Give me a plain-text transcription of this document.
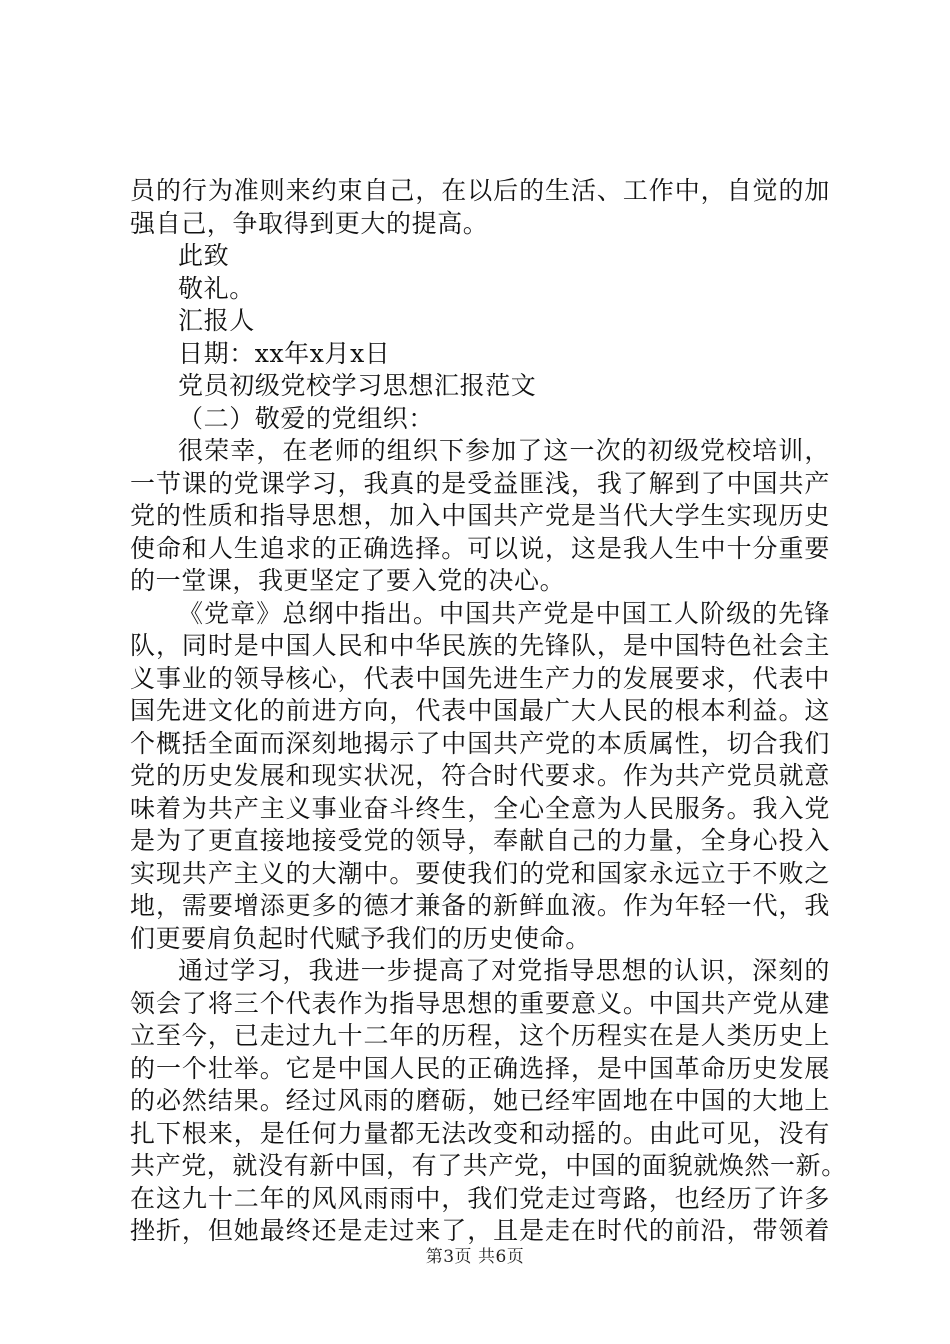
员的行为准则来约束自己，在以后的生活、工作中，自觉的加
强自己，争取得到更大的提高。
此致
敬礼。
汇报人
日期：xx年x月x日
党员初级党校学习思想汇报范文
（二）敬爱的党组织：
很荣幸，在老师的组织下参加了这一次的初级党校培训，
一节课的党课学习，我真的是受益匪浅，我了解到了中国共产
党的性质和指导思想，加入中国共产党是当代大学生实现历史
使命和人生追求的正确选择。可以说，这是我人生中十分重要
的一堂课，我更坚定了要入党的决心。
《党章》总纲中指出。中国共产党是中国工人阶级的先锋
队，同时是中国人民和中华民族的先锋队，是中国特色社会主
义事业的领导核心，代表中国先进生产力的发展要求，代表中
国先进文化的前进方向，代表中国最广大人民的根本利益。这
个概括全面而深刻地揭示了中国共产党的本质属性，切合我们
党的历史发展和现实状况，符合时代要求。作为共产党员就意
味着为共产主义事业奋斗终生，全心全意为人民服务。我入党
是为了更直接地接受党的领导，奉献自己的力量，全身心投入
实现共产主义的大潮中。要使我们的党和国家永远立于不败之
地，需要增添更多的德才兼备的新鲜血液。作为年轻一代，我
们更要肩负起时代赋予我们的历史使命。
通过学习，我进一步提高了对党指导思想的认识，深刻的
领会了将三个代表作为指导思想的重要意义。中国共产党从建
立至今，已走过九十二年的历程，这个历程实在是人类历史上
的一个壮举。它是中国人民的正确选择，是中国革命历史发展
的必然结果。经过风雨的磨砺，她已经牢固地在中国的大地上
扎下根来，是任何力量都无法改变和动摇的。由此可见，没有
共产党，就没有新中国，有了共产党，中国的面貌就焕然一新。
在这九十二年的风风雨雨中，我们党走过弯路，也经历了许多
挫折，但她最终还是走过来了，且是走在时代的前沿，带领着
第3页 共6页
